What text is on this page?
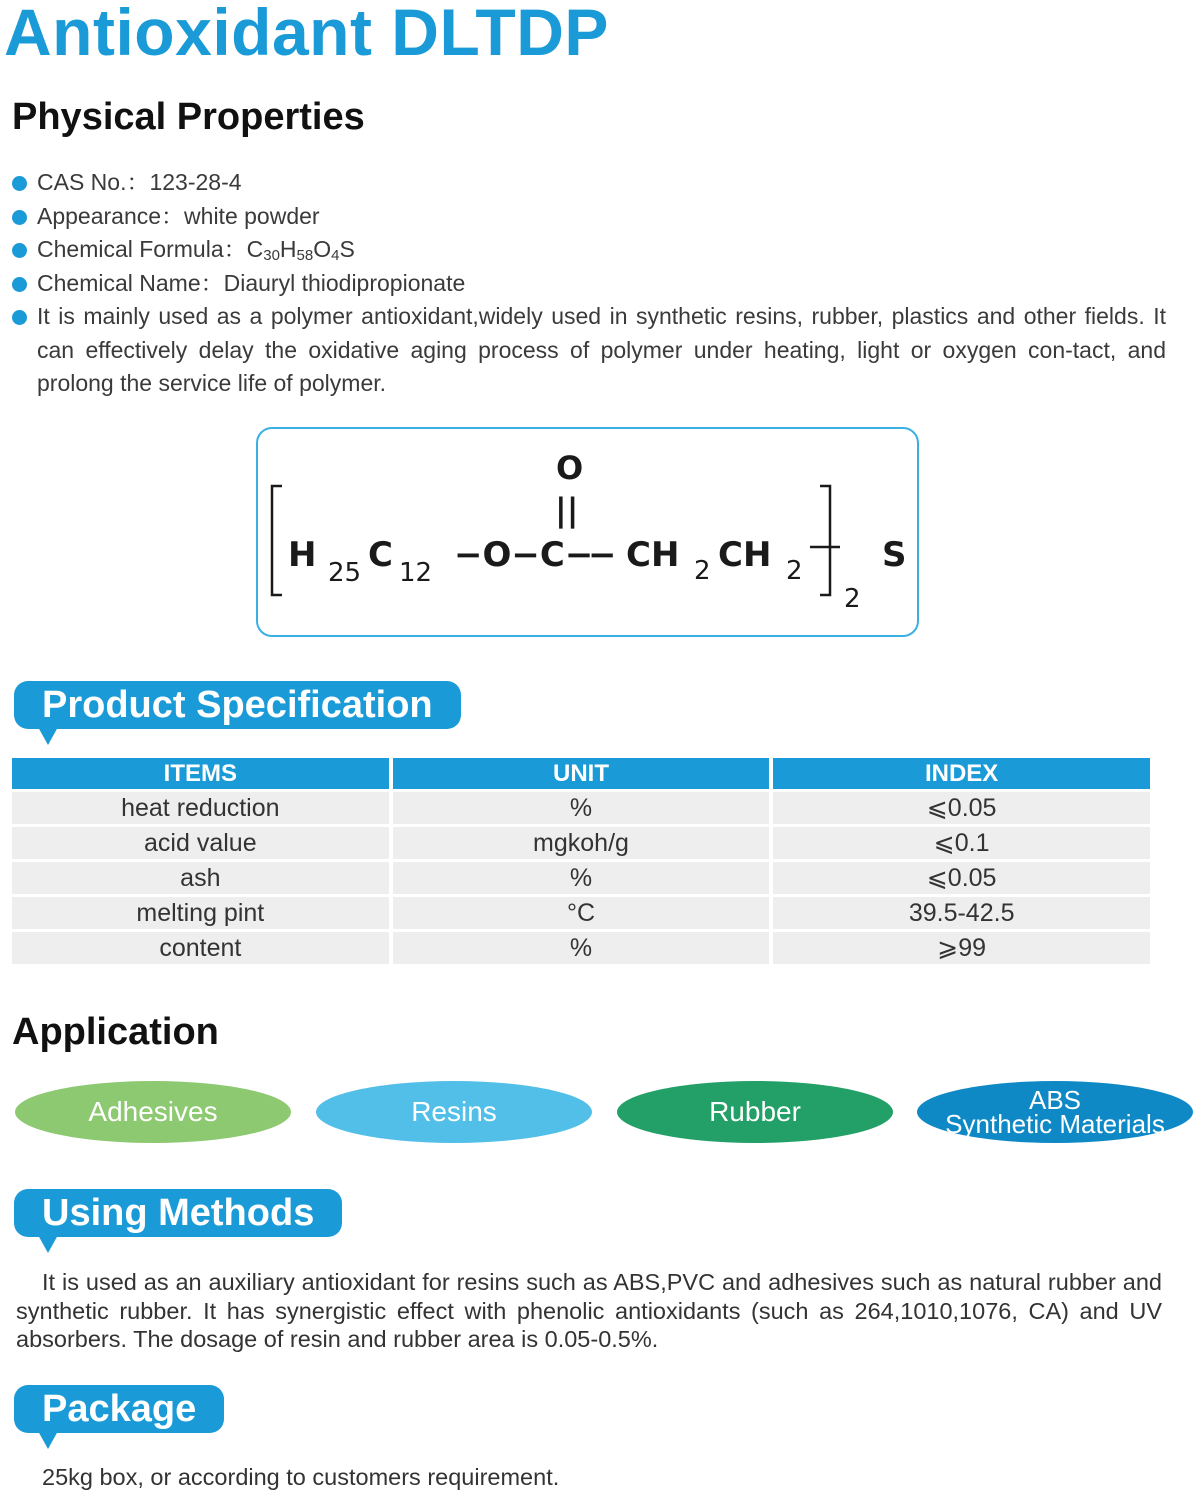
Antioxidant DLTDP
Physical Properties
CAS No.：123-28-4
Appearance：white powder
Chemical Formula：$C_{30}H_{58}O_4S$
Chemical Name：Diauryl thiodipropionate
It is mainly used as a polymer antioxidant,widely used in synthetic resins, rubber, plastics and other fields. It can effectively delay the oxidative aging process of polymer under heating, light or oxygen con-tact, and prolong the service life of polymer.
H 25 C 12 −O−C−
O
||
− CH 2 CH 2
2
S
Product Specification
ITEMS	UNIT	INDEX
heat reduction	%	⩽0.05
acid value	mgkoh/g	⩽0.1
ash	%	⩽0.05
melting pint	°C	39.5-42.5
content	%	⩾99
Application
Adhesives	Resins	Rubber	ABS
Synthetic Materials
Using Methods
It is used as an auxiliary antioxidant for resins such as ABS,PVC and adhesives such as natural rubber and synthetic rubber. It has synergistic effect with phenolic antioxidants (such as 264,1010,1076, CA) and UV absorbers. The dosage of resin and rubber area is 0.05-0.5%.
Package
25kg box, or according to customers requirement.
